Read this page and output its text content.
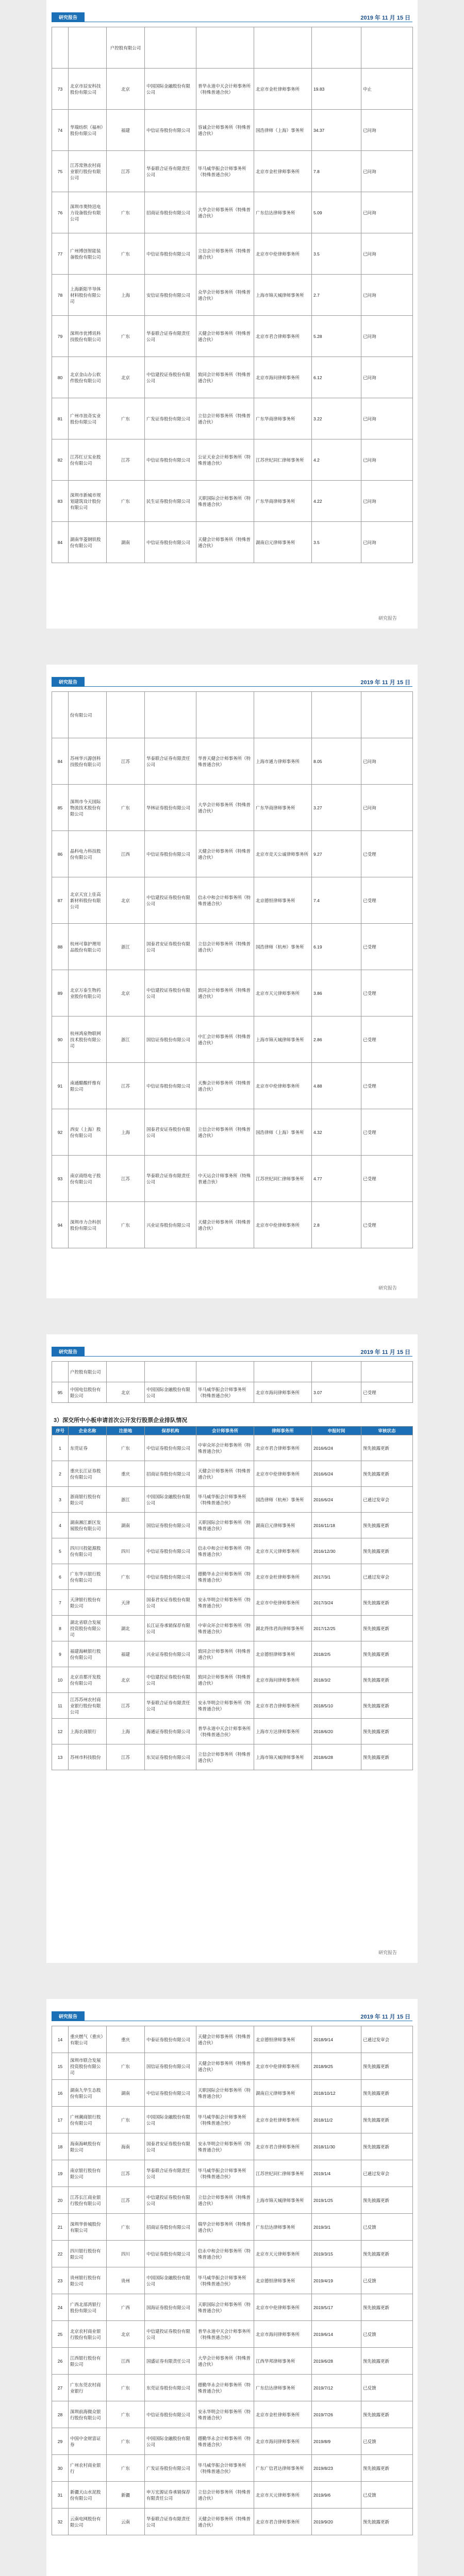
研究报告	2019 年 11 月 15 日
		户控股有限公司					
73	北京市辰安科技股份有限公司	北京	中国国际金融股份有限公司	普华永道中天会计师事务所（特殊普通合伙）	北京市金杜律师事务所	19.83	中止
74	华瑞纺织（福州）股份有限公司	福建	中信证券股份有限公司	容诚会计师事务所（特殊普通合伙）	国浩律师（上海）事务所	34.37	已问询
75	江苏常熟农村商业银行股份有限公司	江苏	华泰联合证券有限责任公司	毕马威华振会计师事务所（特殊普通合伙）	北京市金杜律师事务所	7.8	已问询
76	深圳市奥特迅电力设备股份有限公司	广东	招商证券股份有限公司	大华会计师事务所（特殊普通合伙）	广东信达律师事务所	5.09	已问询
77	广州博创智能装备股份有限公司	广东	中信证券股份有限公司	立信会计师事务所（特殊普通合伙）	北京市中伦律师事务所	3.5	已问询
78	上海新阳半导体材料股份有限公司	上海	安信证券股份有限公司	众华会计师事务所（特殊普通合伙）	上海市锦天城律师事务所	2.7	已问询
79	深圳市优博讯科技股份有限公司	广东	华泰联合证券有限责任公司	天健会计师事务所（特殊普通合伙）	北京市君合律师事务所	5.28	已问询
80	北京金山办公软件股份有限公司	北京	中信建投证券股份有限公司	致同会计师事务所（特殊普通合伙）	北京市海问律师事务所	6.12	已问询
81	广州市浪奇实业股份有限公司	广东	广发证券股份有限公司	立信会计师事务所（特殊普通合伙）	广东华商律师事务所	3.22	已问询
82	江苏红豆实业股份有限公司	江苏	中信证券股份有限公司	公证天业会计师事务所（特殊普通合伙）	江苏世纪同仁律师事务所	4.2	已问询
83	深圳市新城市规划建筑设计股份有限公司	广东	民生证券股份有限公司	天职国际会计师事务所（特殊普通合伙）	广东华商律师事务所	4.22	已问询
84	湖南华菱钢铁股份有限公司	湖南	中信证券股份有限公司	天健会计师事务所（特殊普通合伙）	湖南启元律师事务所	3.5	已问询
研究报告
研究报告	2019 年 11 月 15 日
	份有限公司						
84	苏州华兴源创科技股份有限公司	江苏	华泰联合证券有限责任公司	华普天健会计师事务所（特殊普通合伙）	上海市通力律师事务所	8.05	已问询
85	深圳市今天国际物流技术股份有限公司	广东	华林证券股份有限公司	大华会计师事务所（特殊普通合伙）	广东华商律师事务所	3.27	已问询
86	晶科电力科技股份有限公司	江西	中信证券股份有限公司	天健会计师事务所（特殊普通合伙）	北京市竞天公诚律师事务所	9.27	已受理
87	北京天宜上佳高新材料股份有限公司	北京	中信建投证券股份有限公司	信永中和会计师事务所（特殊普通合伙）	北京德恒律师事务所	7.4	已受理
88	杭州可靠护理用品股份有限公司	浙江	国泰君安证券股份有限公司	立信会计师事务所（特殊普通合伙）	国浩律师（杭州）事务所	6.19	已受理
89	北京万泰生物药业股份有限公司	北京	中信建投证券股份有限公司	致同会计师事务所（特殊普通合伙）	北京市天元律师事务所	3.86	已受理
90	杭州鸿泉物联网技术股份有限公司	浙江	国信证券股份有限公司	中汇会计师事务所（特殊普通合伙）	上海市锦天城律师事务所	2.86	已受理
91	南通醋酸纤维有限公司	江苏	中信证券股份有限公司	天衡会计师事务所（特殊普通合伙）	北京市中伦律师事务所	4.88	已受理
92	西安（上海）股份有限公司	上海	国泰君安证券股份有限公司	立信会计师事务所（特殊普通合伙）	国浩律师（上海）事务所	4.32	已受理
93	南京商络电子股份有限公司	江苏	华泰联合证券有限责任公司	中天运会计师事务所（特殊普通合伙）	江苏世纪同仁律师事务所	4.77	已受理
94	深圳市力合科创股份有限公司	广东	兴业证券股份有限公司	天健会计师事务所（特殊普通合伙）	北京市中伦律师事务所	2.8	已受理
研究报告
研究报告	2019 年 11 月 15 日
	户控股有限公司						
95	中国电信股份有限公司	北京	中国国际金融股份有限公司	毕马威华振会计师事务所（特殊普通合伙）	北京市海问律师事务所	3.07	已受理
3）深交所中小板申请首次公开发行股票企业排队情况
序号	企业名称	注册地	保荐机构	会计师事务所	律师事务所	申报时间	审核状态
1	东莞证券	广东	中信证券股份有限公司	中审众环会计师事务所（特殊普通合伙）	北京市君合律师事务所	2016/6/24	预先披露更新
2	重庆长江证券股份有限公司	重庆	招商证券股份有限公司	天健会计师事务所（特殊普通合伙）	北京市中伦律师事务所	2016/6/24	预先披露更新
3	浙商银行股份有限公司	浙江	中国国际金融股份有限公司	毕马威华振会计师事务所（特殊普通合伙）	国浩律师（杭州）事务所	2016/6/24	已通过发审会
4	湖南湘江新区发展股份有限公司	湖南	国信证券股份有限公司	天职国际会计师事务所（特殊普通合伙）	湖南启元律师事务所	2016/11/18	预先披露更新
5	四川川投能源股份有限公司	四川	中信证券股份有限公司	信永中和会计师事务所（特殊普通合伙）	北京市天元律师事务所	2016/12/30	预先披露更新
6	广东华兴银行股份有限公司	广东	中信证券股份有限公司	德勤华永会计师事务所（特殊普通合伙）	北京市金杜律师事务所	2017/3/1	已通过发审会
7	天津银行股份有限公司	天津	国泰君安证券股份有限公司	安永华明会计师事务所（特殊普通合伙）	北京市中伦律师事务所	2017/3/24	预先披露更新
8	湖北省联合发展投资股份有限公司	湖北	长江证券承销保荐有限公司	中审众环会计师事务所（特殊普通合伙）	湖北得伟君尚律师事务所	2017/12/25	预先披露更新
9	福建海峡银行股份有限公司	福建	兴业证券股份有限公司	致同会计师事务所（特殊普通合伙）	北京德恒律师事务所	2018/2/5	预先披露更新
10	北京首都开发股份有限公司	北京	中信建投证券股份有限公司	致同会计师事务所（特殊普通合伙）	北京市海问律师事务所	2018/3/2	预先披露更新
11	江苏苏州农村商业银行股份有限公司	江苏	华泰联合证券有限责任公司	安永华明会计师事务所（特殊普通合伙）	北京市君合律师事务所	2018/5/10	预先披露更新
12	上海农商银行	上海	海通证券股份有限公司	普华永道中天会计师事务所（特殊普通合伙）	上海市方达律师事务所	2018/6/20	预先披露更新
13	苏州市科技股份	江苏	东吴证券股份有限公司	立信会计师事务所（特殊普通合伙）	上海市锦天城律师事务所	2018/6/28	预先披露更新
研究报告
研究报告	2019 年 11 月 15 日
14	重庆燃气（重庆）有限公司	重庆	中泰证券股份有限公司	天健会计师事务所（特殊普通合伙）	北京德恒律师事务所	2018/9/14	已通过发审会
15	深圳市联合发展投资股份有限公司	广东	国信证券股份有限公司	天健会计师事务所（特殊普通合伙）	北京市中伦律师事务所	2018/9/25	预先披露更新
16	湖南九华生态股份有限公司	湖南	中信证券股份有限公司	天职国际会计师事务所（特殊普通合伙）	湖南启元律师事务所	2018/10/12	预先披露更新
17	广州潮商银行股份有限公司	广东	中国国际金融股份有限公司	毕马威华振会计师事务所（特殊普通合伙）	北京市金杜律师事务所	2018/11/2	预先披露更新
18	海南海峡股份有限公司	海南	国泰君安证券股份有限公司	安永华明会计师事务所（特殊普通合伙）	北京市君合律师事务所	2018/11/30	预先披露更新
19	南京银行股份有限公司	江苏	华泰联合证券有限责任公司	毕马威华振会计师事务所（特殊普通合伙）	江苏世纪同仁律师事务所	2019/1/4	已通过发审会
20	江苏长江商业银行股份有限公司	江苏	中信建投证券股份有限公司	立信会计师事务所（特殊普通合伙）	上海市锦天城律师事务所	2019/1/25	预先披露更新
21	深圳华侨城股份有限公司	广东	招商证券股份有限公司	瑞华会计师事务所（特殊普通合伙）	广东信达律师事务所	2019/3/1	已反馈
22	四川银行股份有限公司	四川	中信证券股份有限公司	信永中和会计师事务所（特殊普通合伙）	北京市天元律师事务所	2019/3/15	预先披露更新
23	贵州银行股份有限公司	贵州	中国国际金融股份有限公司	毕马威华振会计师事务所（特殊普通合伙）	北京德恒律师事务所	2019/4/19	已反馈
24	广西北部湾银行股份有限公司	广西	国海证券股份有限公司	天职国际会计师事务所（特殊普通合伙）	北京市中伦律师事务所	2019/5/17	预先披露更新
25	北京农村商业银行股份有限公司	北京	中信建投证券股份有限公司	普华永道中天会计师事务所（特殊普通合伙）	北京市海问律师事务所	2019/6/14	已反馈
26	江西银行股份有限公司	江西	国盛证券有限责任公司	大华会计师事务所（特殊普通合伙）	江西华邦律师事务所	2019/6/28	预先披露更新
27	广东东莞农村商业银行	广东	东莞证券股份有限公司	德勤华永会计师事务所（特殊普通合伙）	广东信达律师事务所	2019/7/12	已反馈
28	深圳前海微众银行股份有限公司	广东	中信证券股份有限公司	安永华明会计师事务所（特殊普通合伙）	北京市金杜律师事务所	2019/7/26	预先披露更新
29	中国中金财富证券	广东	中国国际金融股份有限公司	德勤华永会计师事务所（特殊普通合伙）	北京市海问律师事务所	2019/8/9	已反馈
30	广州农村商业银行	广东	广发证券股份有限公司	毕马威华振会计师事务所（特殊普通合伙）	广东广信君达律师事务所	2019/8/23	预先披露更新
31	新疆天山水泥股份有限公司	新疆	申万宏源证券承销保荐有限责任公司	立信会计师事务所（特殊普通合伙）	北京市天元律师事务所	2019/9/6	已反馈
32	云南电网股份有限公司	云南	华泰联合证券有限责任公司	天健会计师事务所（特殊普通合伙）	北京市君合律师事务所	2019/9/20	预先披露更新
